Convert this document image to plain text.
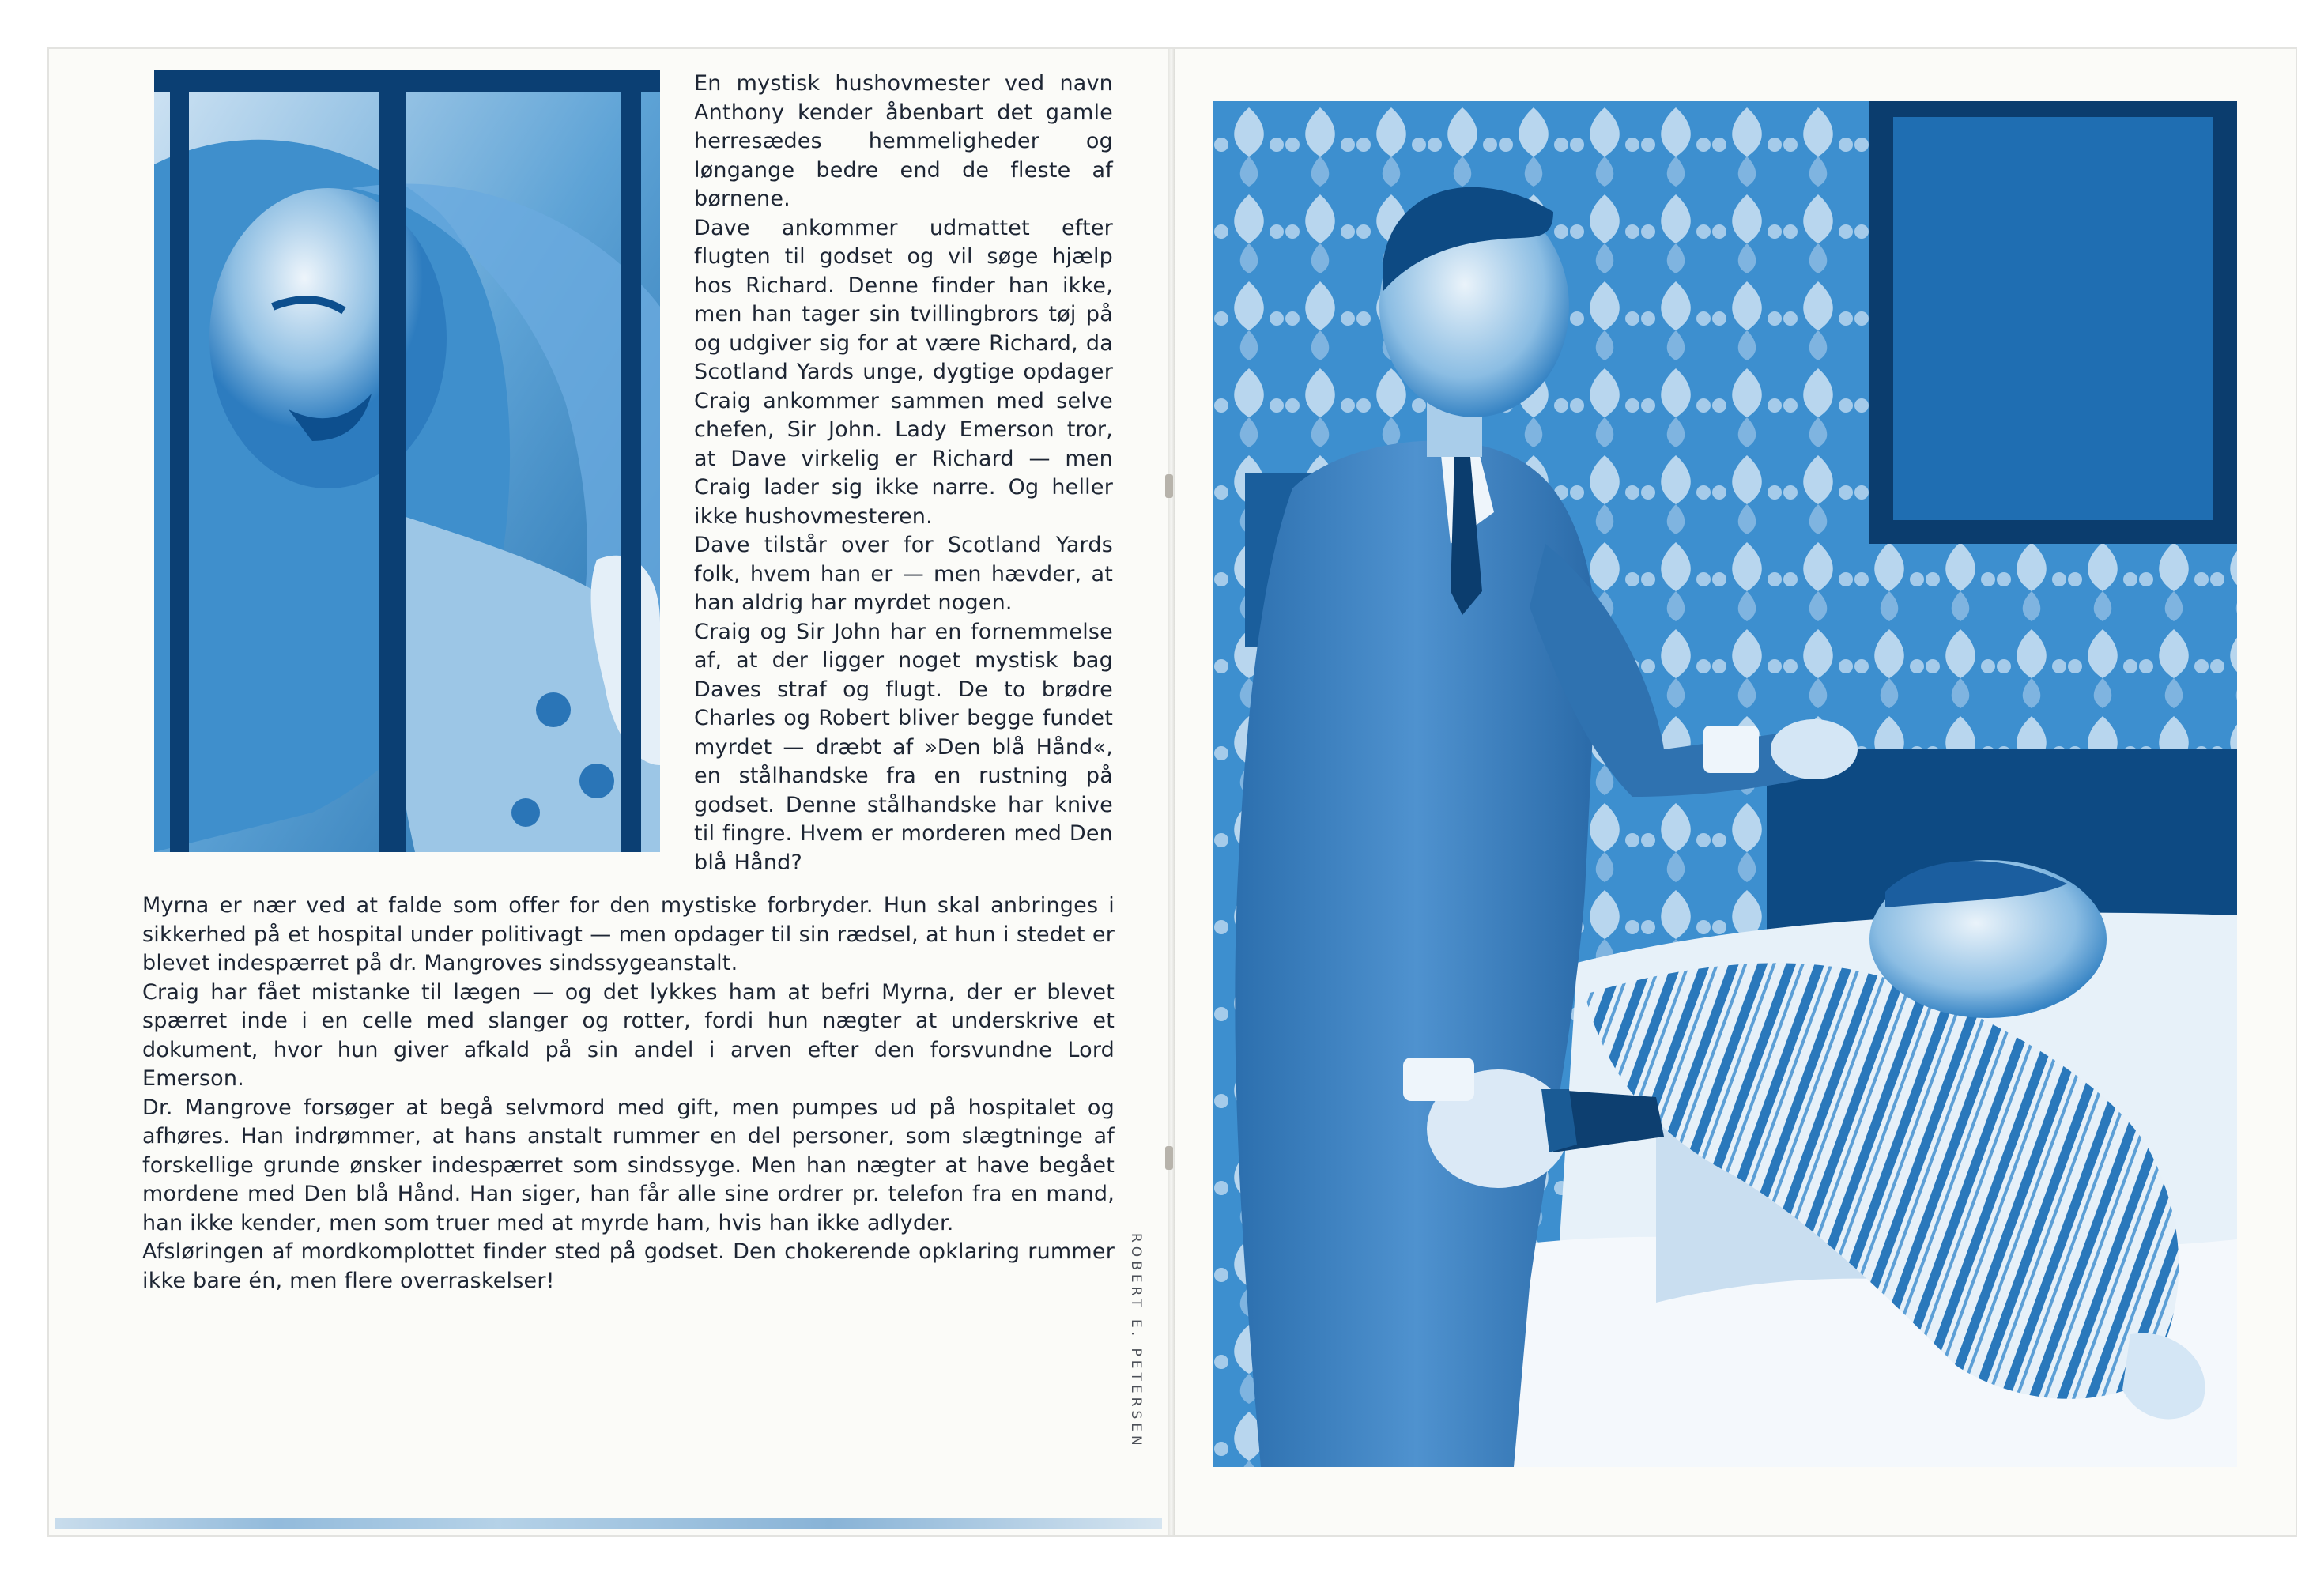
En mystisk hushovmester ved navn Anthony kender åbenbart det gamle herresædes hemmeligheder og løngange bedre end de fleste af børnene.

Dave ankommer udmattet efter flugten til godset og vil søge hjælp hos Richard. Denne finder han ikke, men han tager sin tvillingbrors tøj på og udgiver sig for at være Richard, da Scotland Yards unge, dygtige opdager Craig ankommer sammen med selve chefen, Sir John. Lady Emerson tror, at Dave virkelig er Richard — men Craig lader sig ikke narre. Og heller ikke hushovmesteren.

Dave tilstår over for Scotland Yards folk, hvem han er — men hævder, at han aldrig har myrdet nogen.

Craig og Sir John har en fornemmelse af, at der ligger noget mystisk bag Daves straf og flugt. De to brødre Charles og Robert bliver begge fundet myrdet — dræbt af »Den blå Hånd«, en stålhandske fra en rustning på godset. Denne stålhandske har knive til fingre. Hvem er morderen med Den blå Hånd?

Myrna er nær ved at falde som offer for den mystiske forbryder. Hun skal anbringes i sikkerhed på et hospital under politivagt — men opdager til sin rædsel, at hun i stedet er blevet indespærret på dr. Mangroves sindssygeanstalt.

Craig har fået mistanke til lægen — og det lykkes ham at befri Myrna, der er blevet spærret inde i en celle med slanger og rotter, fordi hun nægter at underskrive et dokument, hvor hun giver afkald på sin andel i arven efter den forsvundne Lord Emerson.

Dr. Mangrove forsøger at begå selvmord med gift, men pumpes ud på hospitalet og afhøres. Han indrømmer, at hans anstalt rummer en del personer, som slægtninge af forskellige grunde ønsker indespærret som sindssyge. Men han nægter at have begået mordene med Den blå Hånd. Han siger, han får alle sine ordrer pr. telefon fra en mand, han ikke kender, men som truer med at myrde ham, hvis han ikke adlyder.

Afsløringen af mordkomplottet finder sted på godset. Den chokerende opklaring rummer ikke bare én, men flere overraskelser!	ROBERT E. PETERSEN
